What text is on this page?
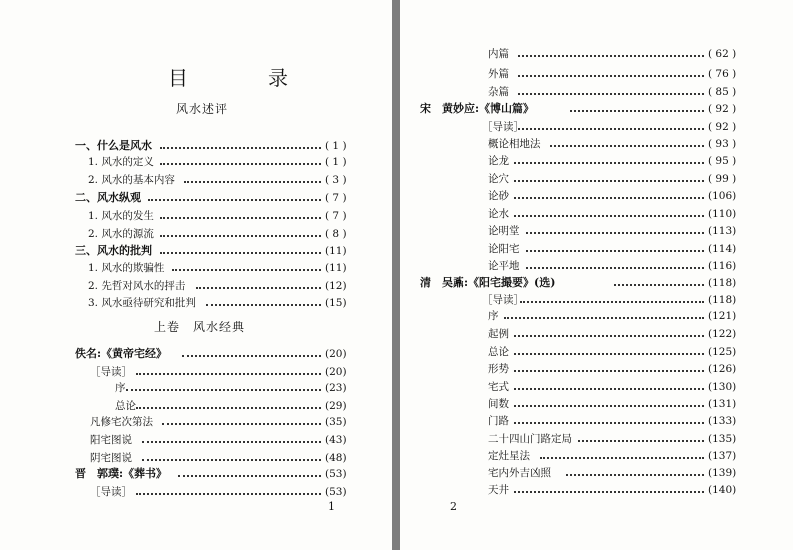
目　录
风水述评
上卷　风水经典
一、什么是风水	( 1 )
1. 风水的定义	( 1 )
2. 风水的基本内容	( 3 )
二、风水纵观	( 7 )
1. 风水的发生	( 7 )
2. 风水的源流	( 8 )
三、风水的批判	(11)
1. 风水的欺骗性	(11)
2. 先哲对风水的抨击	(12)
3. 风水亟待研究和批判	(15)
佚名:《黄帝宅经》	(20)
［导读］	(20)
序	(23)
总论	(29)
凡修宅次第法	(35)
阳宅图说	(43)
阴宅图说	(48)
晋　郭璞:《葬书》	(53)
［导读］	(53)
1
内篇	( 62 )
外篇	( 76 )
杂篇	( 85 )
宋　黄妙应:《博山篇》	( 92 )
［导读］	( 92 )
概论相地法	( 93 )
论龙	( 95 )
论穴	( 99 )
论砂	(106)
论水	(110)
论明堂	(113)
论阳宅	(114)
论平地	(116)
清　吴鼒:《阳宅撮要》(选)	(118)
［导读］	(118)
序	(121)
起例	(122)
总论	(125)
形势	(126)
宅式	(130)
间数	(131)
门路	(133)
二十四山门路定局	(135)
定灶星法	(137)
宅内外吉凶照	(139)
天井	(140)
2
